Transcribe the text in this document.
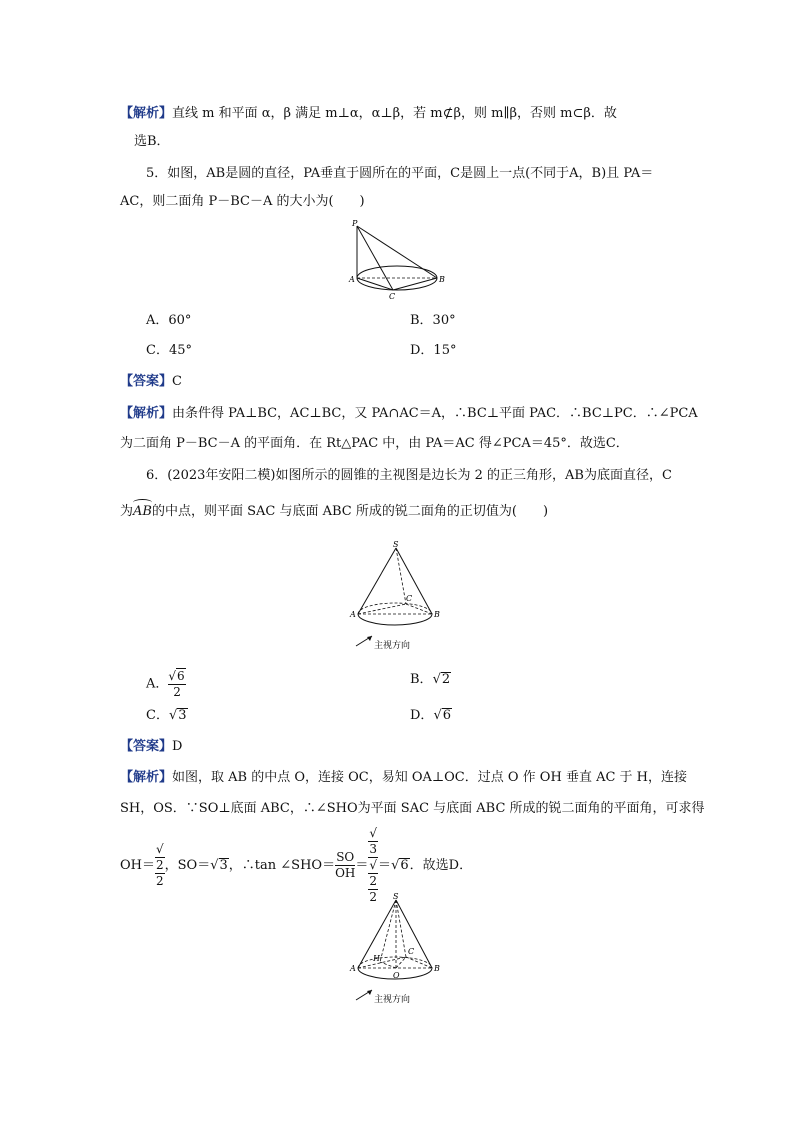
【解析】直线 m 和平面 α，β 满足 m⊥α，α⊥β，若 m⊄β，则 m∥β，否则 m⊂β．故
选B．
5．如图，AB是圆的直径，PA垂直于圆所在的平面，C是圆上一点(不同于A，B)且 PA＝
AC，则二面角 P－BC－A 的大小为(　　)
P
A	B
C
A．60°	B．30°
C．45°	D．15°
【答案】C
【解析】由条件得 PA⊥BC，AC⊥BC，又 PA∩AC＝A，∴BC⊥平面 PAC．∴BC⊥PC．∴∠PCA
为二面角 P－BC－A 的平面角．在 Rt△PAC 中，由 PA＝AC 得∠PCA＝45°．故选C．
6．(2023年安阳二模)如图所示的圆锥的主视图是边长为 2 的正三角形，AB为底面直径，C
为
AB的中点，则平面 SAC 与底面 ABC 所成的锐二面角的正切值为(　　)
S
A	B
C
主视方向
A． $\frac{√6}{2}$	B．√2
C．√3	D．√6
【答案】D
【解析】如图，取 AB 的中点 O，连接 OC，易知 OA⊥OC．过点 O 作 OH 垂直 AC 于 H，连接
SH，OS．∵SO⊥底面 ABC，∴∠SHO为平面 SAC 与底面 ABC 所成的锐二面角的平面角，可求得
OH＝ √
2
2 ，SO＝√3，∴tan ∠SHO＝ $\frac{SO}{OH}$ ＝ √
3
√
2
2 ＝√6．故选D．
S
A	B
C
H
O
主视方向
